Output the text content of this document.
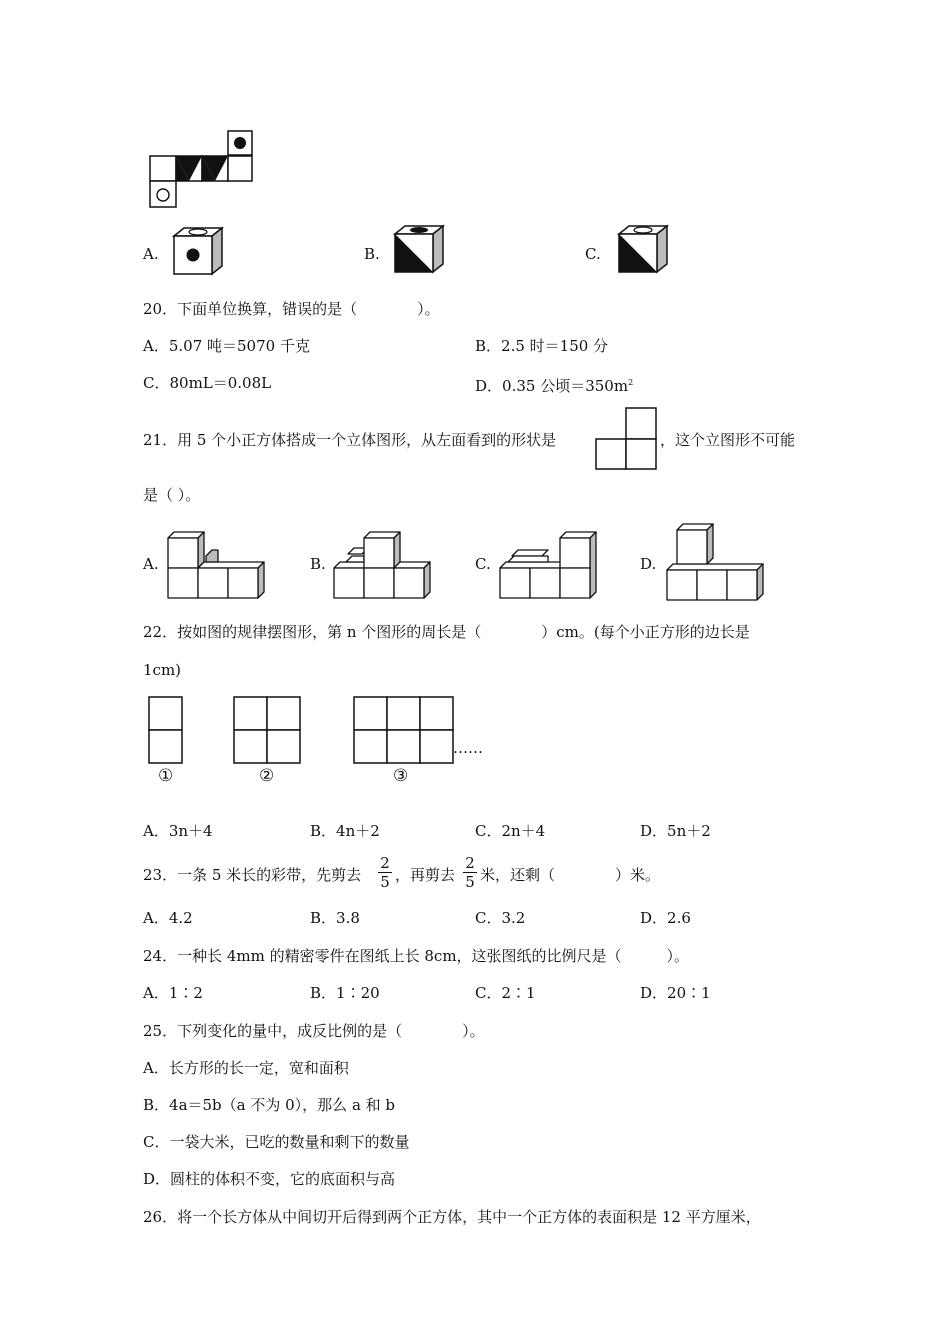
A.	B.	C.
20．下面单位换算，错误的是（　　　　）。
A．5.07 吨＝5070 千克	B．2.5 时＝150 分
C．80mL＝0.08L	D．0.35 公顷$=350m^2$
21．用 5 个小正方体搭成一个立体图形，从左面看到的形状是	，这个立图形不可能
是（ ）。
A.	B.	C.	D.
22．按如图的规律摆图形，第 n 个图形的周长是（　　　　）cm。(每个小正方形的边长是
1cm)
①	②
……
③
A．3n＋4	B．4n＋2	C．2n＋4	D．5n＋2
23．一条 5 米长的彩带，先剪去
2
5 ，再剪去
2
5 米，还剩（　　　　）米。
A．4.2	B．3.8	C．3.2	D．2.6
24．一种长 4mm 的精密零件在图纸上长 8cm，这张图纸的比例尺是（　　　）。
A．1∶2	B．1∶20	C．2∶1	D．20∶1
25．下列变化的量中，成反比例的是（　　　　）。
A．长方形的长一定，宽和面积
B．4a＝5b（a 不为 0），那么 a 和 b
C．一袋大米，已吃的数量和剩下的数量
D．圆柱的体积不变，它的底面积与高
26．将一个长方体从中间切开后得到两个正方体，其中一个正方体的表面积是 12 平方厘米，
